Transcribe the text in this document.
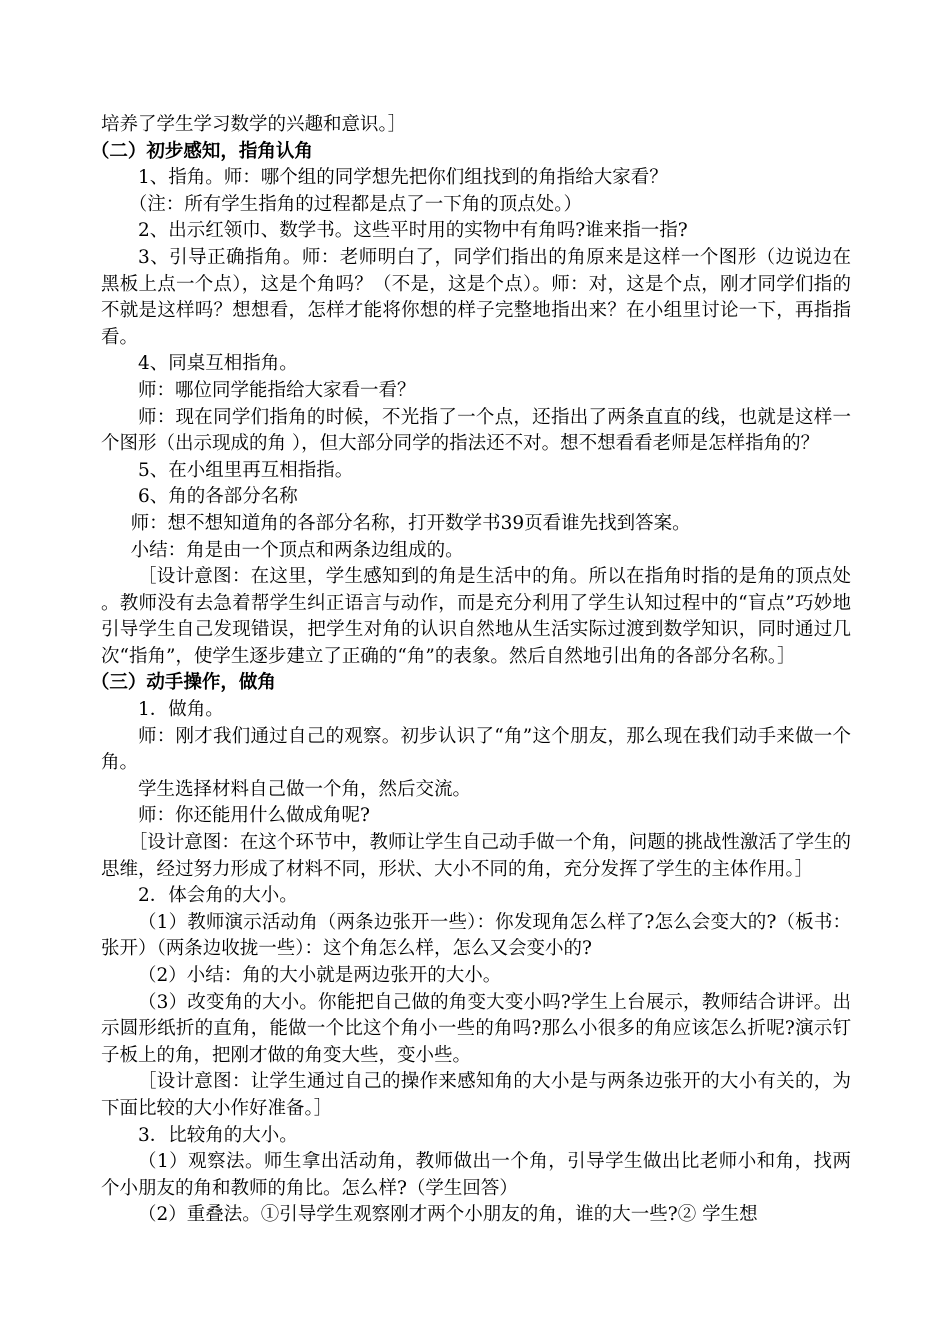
培养了学生学习数学的兴趣和意识。］

（二）初步感知，指角认角

1、指角。师：哪个组的同学想先把你们组找到的角指给大家看？

（注：所有学生指角的过程都是点了一下角的顶点处。）

2、出示红领巾、数学书。这些平时用的实物中有角吗?谁来指一指?

3、引导正确指角。师：老师明白了，同学们指出的角原来是这样一个图形（边说边在黑板上点一个点），这是个角吗？（不是，这是个点）。师：对，这是个点，刚才同学们指的不就是这样吗？想想看，怎样才能将你想的样子完整地指出来？在小组里讨论一下，再指指看。

4、同桌互相指角。

师：哪位同学能指给大家看一看？

师：现在同学们指角的时候，不光指了一个点，还指出了两条直直的线，也就是这样一个图形（出示现成的角 ），但大部分同学的指法还不对。想不想看看老师是怎样指角的？

5、在小组里再互相指指。

6、角的各部分名称

师：想不想知道角的各部分名称，打开数学书39页看谁先找到答案。

小结：角是由一个顶点和两条边组成的。

［设计意图：在这里，学生感知到的角是生活中的角。所以在指角时指的是角的顶点处。教师没有去急着帮学生纠正语言与动作，而是充分利用了学生认知过程中的“盲点”巧妙地引导学生自己发现错误，把学生对角的认识自然地从生活实际过渡到数学知识，同时通过几次“指角”，使学生逐步建立了正确的“角”的表象。然后自然地引出角的各部分名称。］

（三）动手操作，做角

1．做角。

师：刚才我们通过自己的观察。初步认识了“角”这个朋友，那么现在我们动手来做一个角。

学生选择材料自己做一个角，然后交流。

师：你还能用什么做成角呢?

［设计意图：在这个环节中，教师让学生自己动手做一个角，问题的挑战性激活了学生的思维，经过努力形成了材料不同，形状、大小不同的角，充分发挥了学生的主体作用。］

2．体会角的大小。

（1）教师演示活动角（两条边张开一些）：你发现角怎么样了?怎么会变大的?（板书：张开）（两条边收拢一些）：这个角怎么样，怎么又会变小的?

（2）小结：角的大小就是两边张开的大小。

（3）改变角的大小。你能把自己做的角变大变小吗?学生上台展示，教师结合讲评。出示圆形纸折的直角，能做一个比这个角小一些的角吗?那么小很多的角应该怎么折呢?演示钉子板上的角，把刚才做的角变大些，变小些。

［设计意图：让学生通过自己的操作来感知角的大小是与两条边张开的大小有关的，为下面比较的大小作好准备。］

3．比较角的大小。

（1）观察法。师生拿出活动角，教师做出一个角，引导学生做出比老师小和角，找两个小朋友的角和教师的角比。怎么样?（学生回答）

（2）重叠法。①引导学生观察刚才两个小朋友的角，谁的大一些?② 学生想
